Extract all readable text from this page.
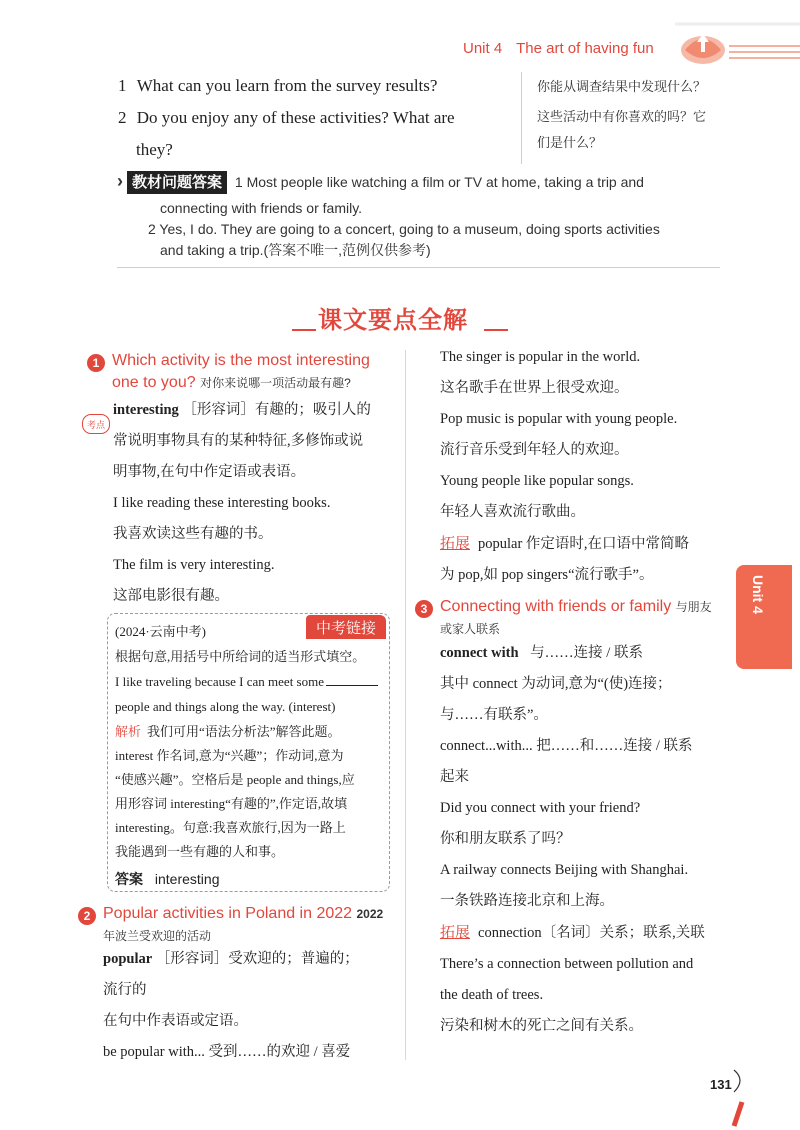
Unit 4 The art of having fun
1 What can you learn from the survey results?
2 Do you enjoy any of these activities? What are
they?
你能从调查结果中发现什么？
这些活动中有你喜欢的吗？它
们是什么？
› 教材问题答案 1 Most people like watching a film or TV at home, taking a trip and
connecting with friends or family.
2 Yes, I do. They are going to a concert, going to a museum, doing sports activities
and taking a trip.(答案不唯一,范例仅供参考)
课文要点全解
1 Which activity is the most interesting
one to you? 对你来说哪一项活动最有趣?
考点
interesting ［形容词］有趣的；吸引人的
常说明事物具有的某种特征,多修饰或说
明事物,在句中作定语或表语。
I like reading these interesting books.
我喜欢读这些有趣的书。
The film is very interesting.
这部电影很有趣。
中考链接
(2024·云南中考)
根据句意,用括号中所给词的适当形式填空。
I like traveling because I can meet some
people and things along the way. (interest)
解析 我们可用“语法分析法”解答此题。
interest 作名词,意为“兴趣”；作动词,意为
“使感兴趣”。空格后是 people and things,应
用形容词 interesting“有趣的”,作定语,故填
interesting。句意:我喜欢旅行,因为一路上
我能遇到一些有趣的人和事。
答案 interesting
2 Popular activities in Poland in 2022 2022
年波兰受欢迎的活动
popular ［形容词］受欢迎的；普遍的；
流行的
在句中作表语或定语。
be popular with... 受到……的欢迎 / 喜爱
The singer is popular in the world.
这名歌手在世界上很受欢迎。
Pop music is popular with young people.
流行音乐受到年轻人的欢迎。
Young people like popular songs.
年轻人喜欢流行歌曲。
拓展 popular 作定语时,在口语中常简略
为 pop,如 pop singers“流行歌手”。
3 Connecting with friends or family 与朋友
或家人联系
connect with 与……连接 / 联系
其中 connect 为动词,意为“(使)连接；
与……有联系”。
connect...with... 把……和……连接 / 联系
起来
Did you connect with your friend?
你和朋友联系了吗？
A railway connects Beijing with Shanghai.
一条铁路连接北京和上海。
拓展 connection〔名词〕关系；联系,关联
There’s a connection between pollution and
the death of trees.
污染和树木的死亡之间有关系。
Unit 4
131
